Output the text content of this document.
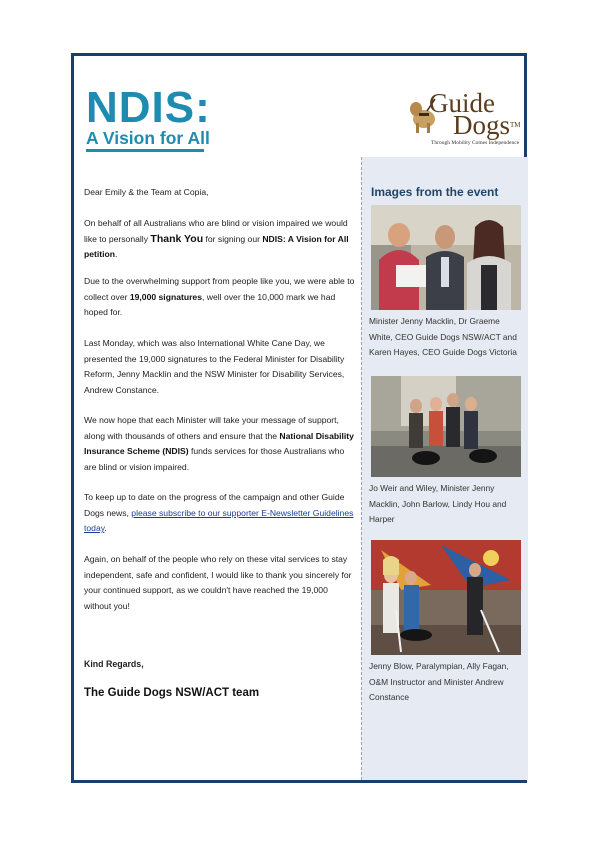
NDIS:
A Vision for All
Guide
Dogs™
Through Mobility Comes Independence
Dear Emily & the Team at Copia,
On behalf of all Australians who are blind or vision impaired we would like to personally Thank You for signing our NDIS: A Vision for All petition.
Due to the overwhelming support from people like you, we were able to collect over 19,000 signatures, well over the 10,000 mark we had hoped for.
Last Monday, which was also International White Cane Day, we presented the 19,000 signatures to the Federal Minister for Disability Reform, Jenny Macklin and the NSW Minister for Disability Services, Andrew Constance.
We now hope that each Minister will take your message of support, along with thousands of others and ensure that the National Disability Insurance Scheme (NDIS) funds services for those Australians who are blind or vision impaired.
To keep up to date on the progress of the campaign and other Guide Dogs news, please subscribe to our supporter E-Newsletter Guidelines today.
Again, on behalf of the people who rely on these vital services to stay independent, safe and confident, I would like to thank you sincerely for your continued support, as we couldn't have reached the 19,000 without you!
Kind Regards,
The Guide Dogs NSW/ACT team
Images from the event
Minister Jenny Macklin, Dr Graeme White, CEO Guide Dogs NSW/ACT and Karen Hayes, CEO Guide Dogs Victoria
Jo Weir and Wiley, Minister Jenny Macklin, John Barlow, Lindy Hou and Harper
Jenny Blow, Paralympian, Ally Fagan, O&M Instructor and Minister Andrew Constance
